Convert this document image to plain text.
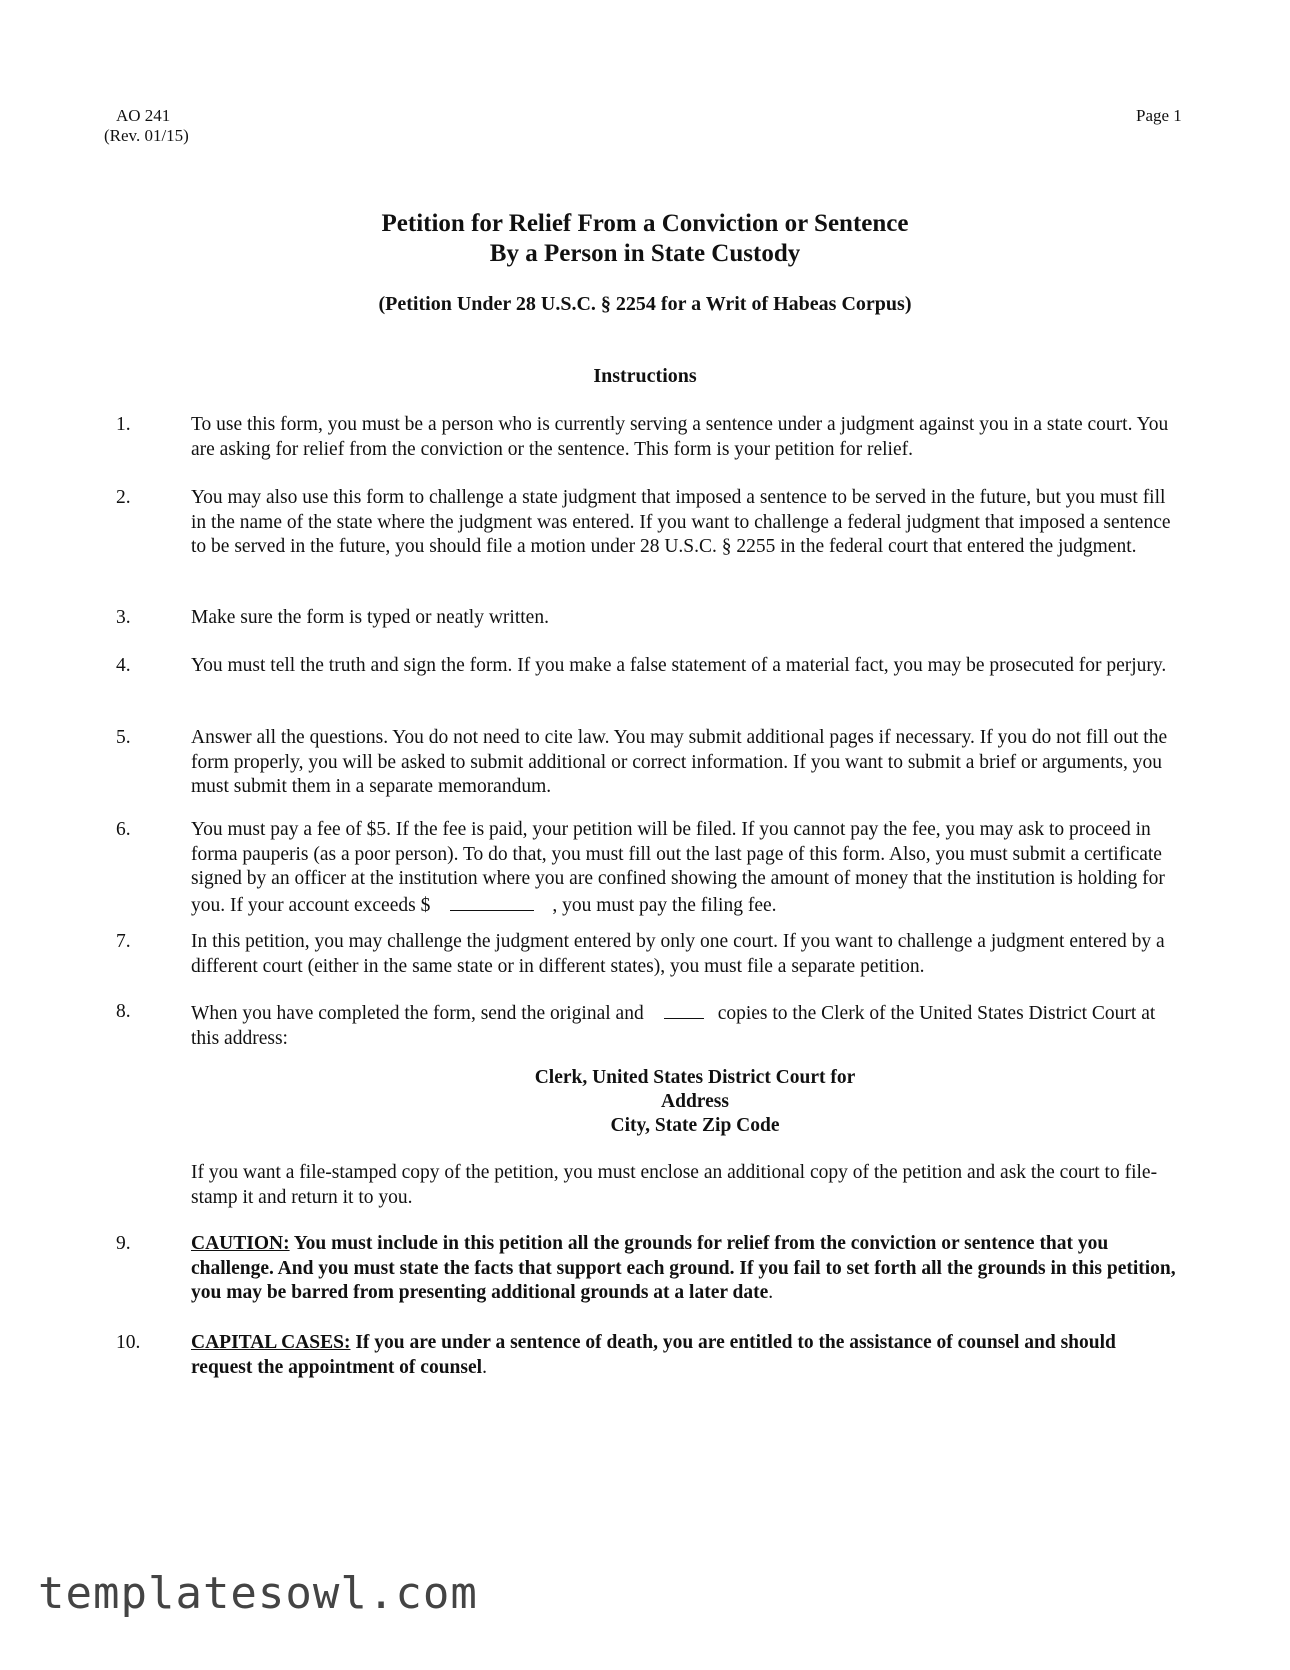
AO 241
(Rev. 01/15)
Page 1
Petition for Relief From a Conviction or Sentence
By a Person in State Custody
(Petition Under 28 U.S.C. § 2254 for a Writ of Habeas Corpus)
Instructions
1.	To use this form, you must be a person who is currently serving a sentence under a judgment against you in a state court. You are asking for relief from the conviction or the sentence. This form is your petition for relief.
2.	You may also use this form to challenge a state judgment that imposed a sentence to be served in the future, but you must fill in the name of the state where the judgment was entered. If you want to challenge a federal judgment that imposed a sentence to be served in the future, you should file a motion under 28 U.S.C. § 2255 in the federal court that entered the judgment.
3.	Make sure the form is typed or neatly written.
4.	You must tell the truth and sign the form. If you make a false statement of a material fact, you may be prosecuted for perjury.
5.	Answer all the questions. You do not need to cite law. You may submit additional pages if necessary. If you do not fill out the form properly, you will be asked to submit additional or correct information. If you want to submit a brief or arguments, you must submit them in a separate memorandum.
6.	You must pay a fee of $5. If the fee is paid, your petition will be filed. If you cannot pay the fee, you may ask to proceed in forma pauperis (as a poor person). To do that, you must fill out the last page of this form. Also, you must submit a certificate signed by an officer at the institution where you are confined showing the amount of money that the institution is holding for you. If your account exceeds $	, you must pay the filing fee.
7.	In this petition, you may challenge the judgment entered by only one court. If you want to challenge a judgment entered by a different court (either in the same state or in different states), you must file a separate petition.
8.	When you have completed the form, send the original and	copies to the Clerk of the United States District Court at this address:
Clerk, United States District Court for
Address
City, State Zip Code
If you want a file-stamped copy of the petition, you must enclose an additional copy of the petition and ask the court to file-stamp it and return it to you.
9.	CAUTION: You must include in this petition all the grounds for relief from the conviction or sentence that you challenge. And you must state the facts that support each ground. If you fail to set forth all the grounds in this petition, you may be barred from presenting additional grounds at a later date.
10.	CAPITAL CASES: If you are under a sentence of death, you are entitled to the assistance of counsel and should request the appointment of counsel.
templatesowl.com
